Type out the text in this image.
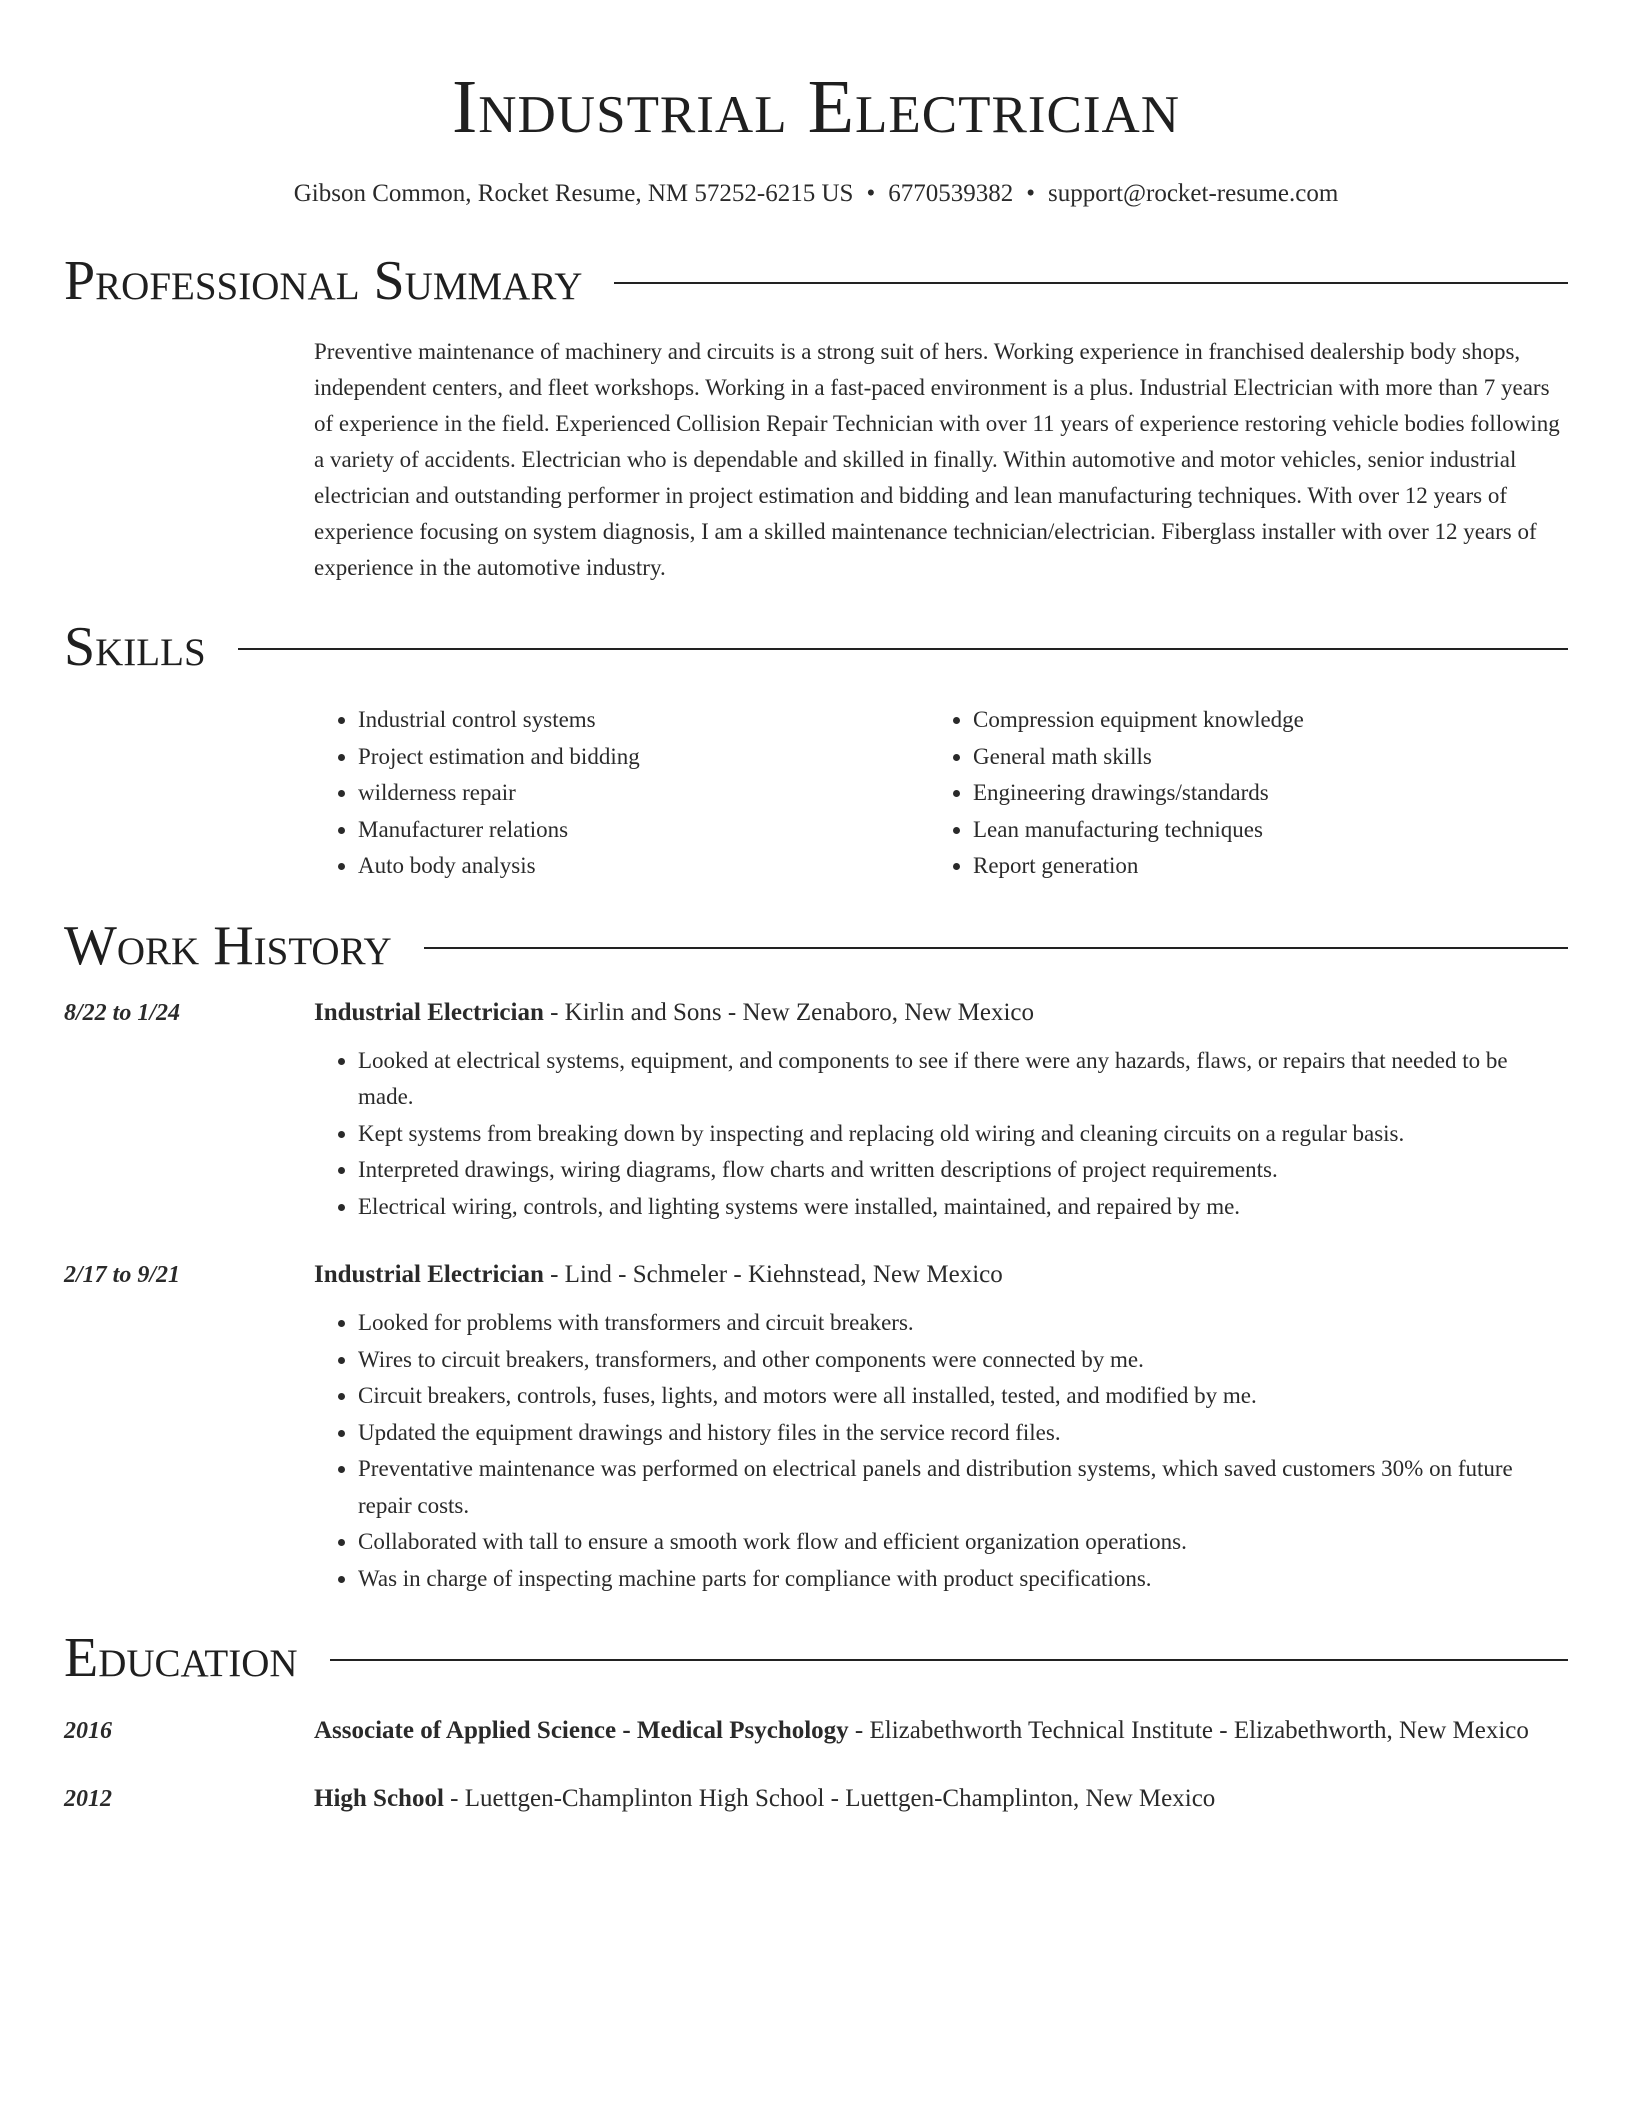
Industrial Electrician
Gibson Common, Rocket Resume, NM 57252-6215 US • 6770539382 • support@rocket-resume.com
Professional Summary
Preventive maintenance of machinery and circuits is a strong suit of hers. Working experience in franchised dealership body shops, independent centers, and fleet workshops. Working in a fast-paced environment is a plus. Industrial Electrician with more than 7 years of experience in the field. Experienced Collision Repair Technician with over 11 years of experience restoring vehicle bodies following a variety of accidents. Electrician who is dependable and skilled in finally. Within automotive and motor vehicles, senior industrial electrician and outstanding performer in project estimation and bidding and lean manufacturing techniques. With over 12 years of experience focusing on system diagnosis, I am a skilled maintenance technician/electrician. Fiberglass installer with over 12 years of experience in the automotive industry.
Skills
• Industrial control systems
• Project estimation and bidding
• wilderness repair
• Manufacturer relations
• Auto body analysis
• Compression equipment knowledge
• General math skills
• Engineering drawings/standards
• Lean manufacturing techniques
• Report generation
Work History
8/22 to 1/24	Industrial Electrician - Kirlin and Sons - New Zenaboro, New Mexico
• Looked at electrical systems, equipment, and components to see if there were any hazards, flaws, or repairs that needed to be made.
• Kept systems from breaking down by inspecting and replacing old wiring and cleaning circuits on a regular basis.
• Interpreted drawings, wiring diagrams, flow charts and written descriptions of project requirements.
• Electrical wiring, controls, and lighting systems were installed, maintained, and repaired by me.
2/17 to 9/21	Industrial Electrician - Lind - Schmeler - Kiehnstead, New Mexico
• Looked for problems with transformers and circuit breakers.
• Wires to circuit breakers, transformers, and other components were connected by me.
• Circuit breakers, controls, fuses, lights, and motors were all installed, tested, and modified by me.
• Updated the equipment drawings and history files in the service record files.
• Preventative maintenance was performed on electrical panels and distribution systems, which saved customers 30% on future repair costs.
• Collaborated with tall to ensure a smooth work flow and efficient organization operations.
• Was in charge of inspecting machine parts for compliance with product specifications.
Education
2016	Associate of Applied Science - Medical Psychology - Elizabethworth Technical Institute - Elizabethworth, New Mexico
2012	High School - Luettgen-Champlinton High School - Luettgen-Champlinton, New Mexico
